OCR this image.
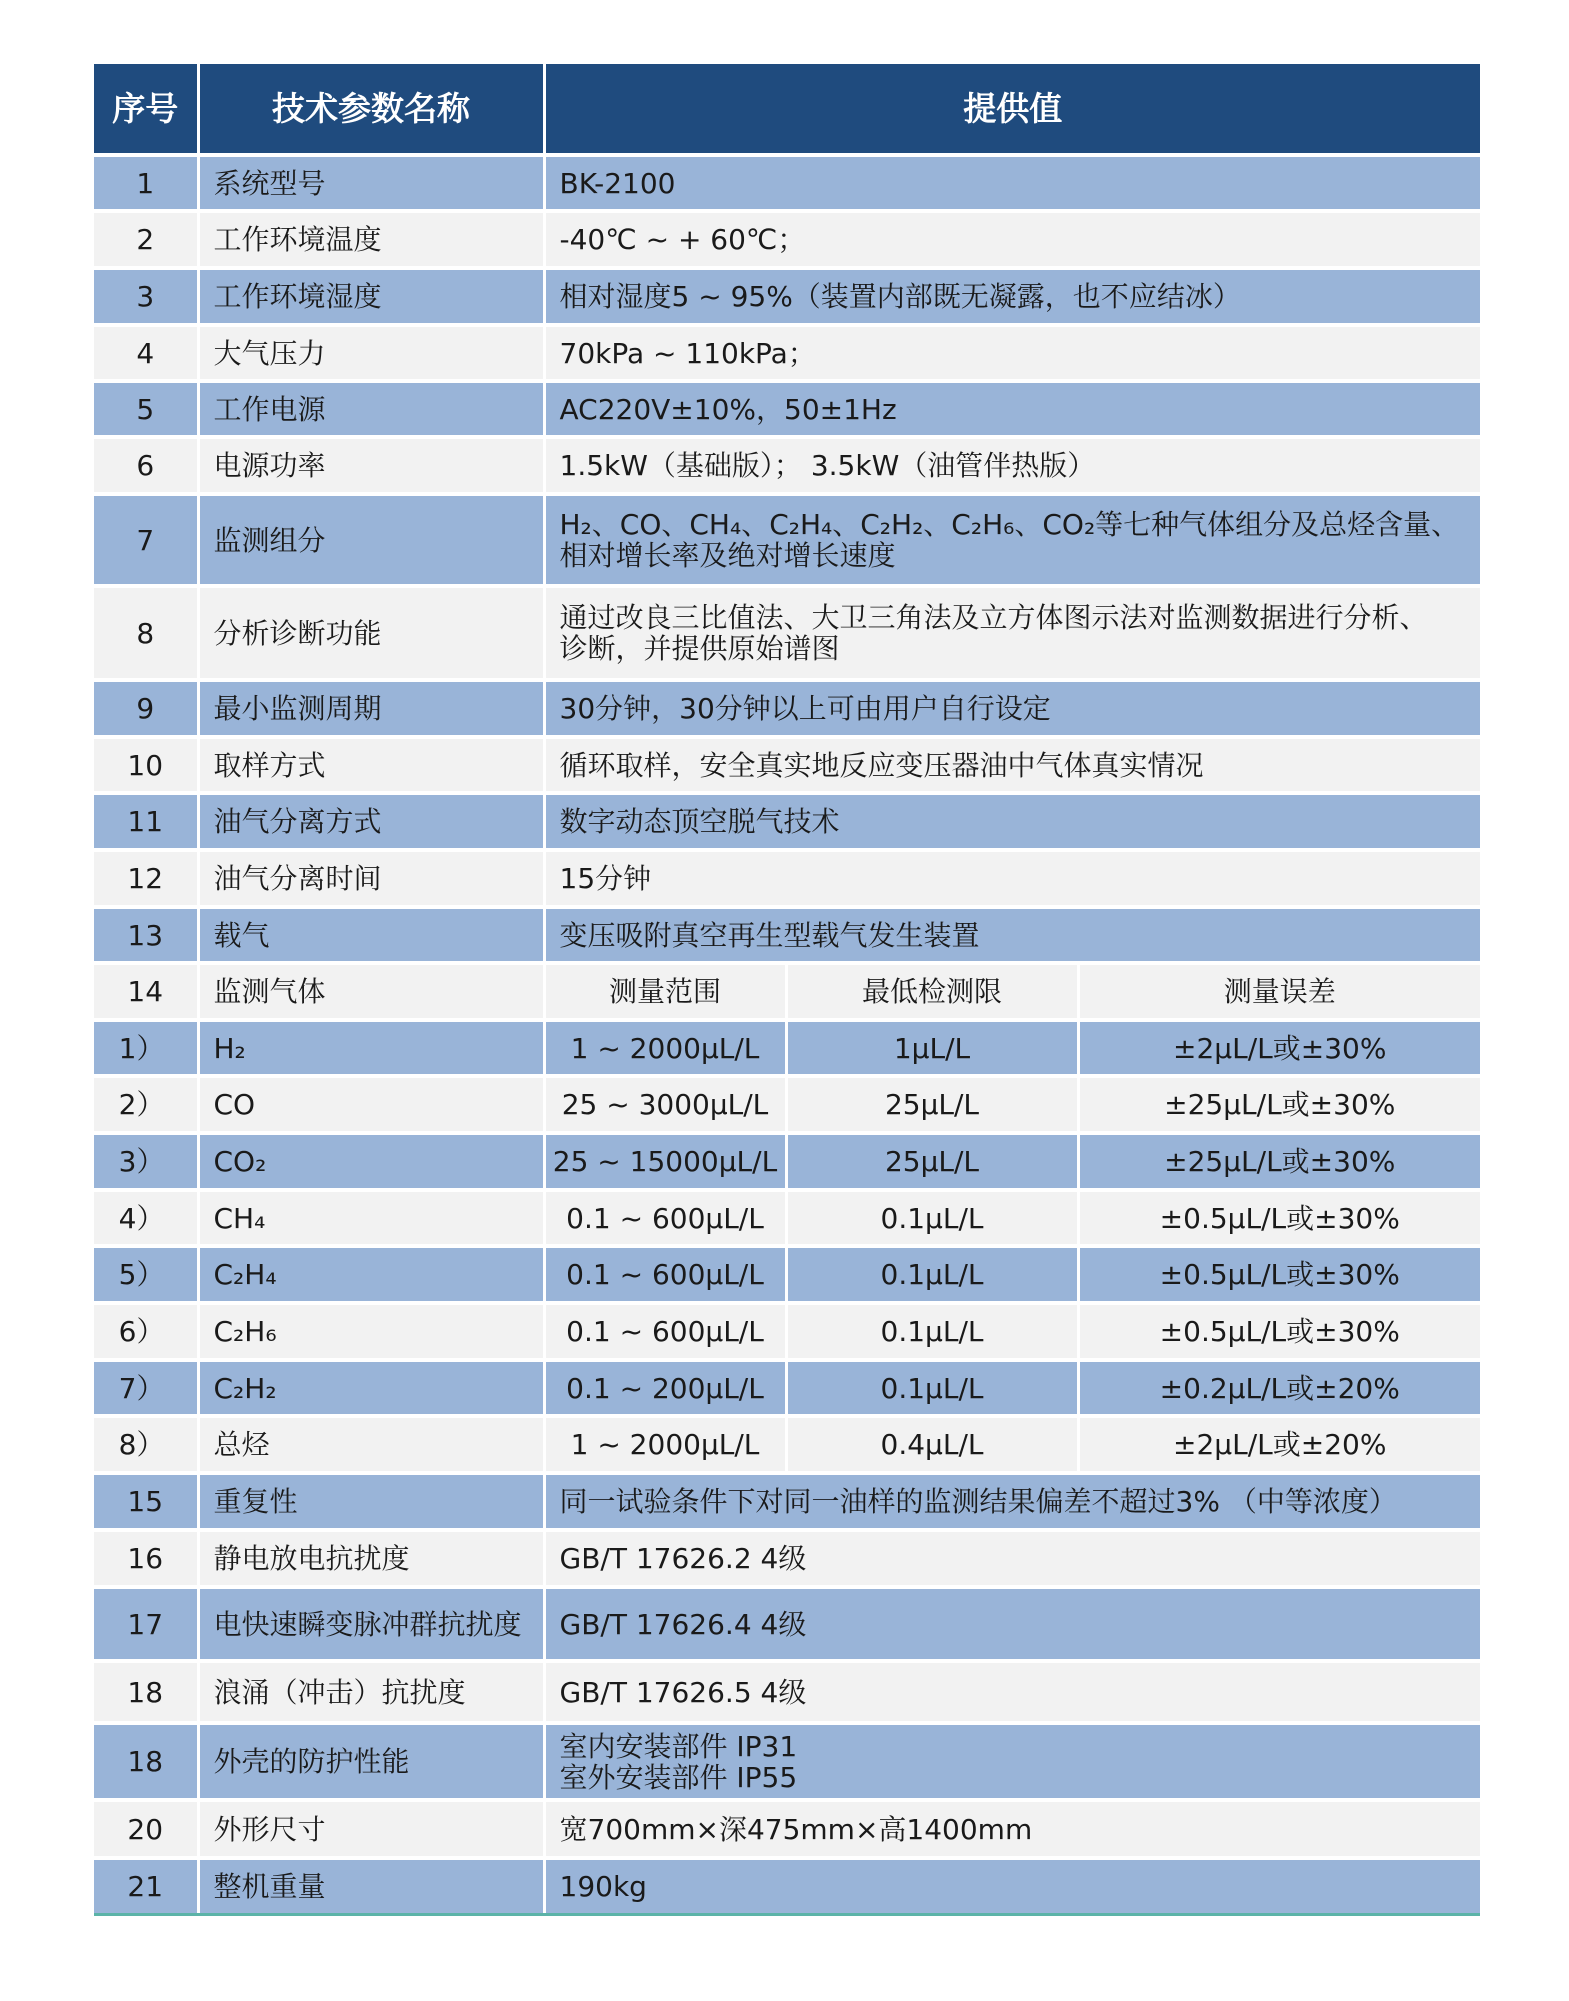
序号	技术参数名称	提供值		
1	系统型号	BK-2100		
2	工作环境温度	-40℃ ~ + 60℃；		
3	工作环境湿度	相对湿度5 ~ 95%（装置内部既无凝露，也不应结冰）		
4	大气压力	70kPa ~ 110kPa；		
5	工作电源	AC220V±10%，50±1Hz		
6	电源功率	1.5kW（基础版）； 3.5kW（油管伴热版）		
7	监测组分	H₂、CO、CH₄、C₂H₄、C₂H₂、C₂H₆、CO₂等七种气体组分及总烃含量、
相对增长率及绝对增长速度		

8	分析诊断功能	通过改良三比值法、大卫三角法及立方体图示法对监测数据进行分析、
诊断，并提供原始谱图		

9	最小监测周期	30分钟，30分钟以上可由用户自行设定		
10	取样方式	循环取样，安全真实地反应变压器油中气体真实情况		
11	油气分离方式	数字动态顶空脱气技术		
12	油气分离时间	15分钟		
13	载气	变压吸附真空再生型载气发生装置		
14	监测气体	测量范围	最低检测限	测量误差
1）	H₂	1 ~ 2000μL/L	1μL/L	±2μL/L或±30%
2）	CO	25 ~ 3000μL/L	25μL/L	±25μL/L或±30%
3）	CO₂	25 ~ 15000μL/L	25μL/L	±25μL/L或±30%
4）	CH₄	0.1 ~ 600μL/L	0.1μL/L	±0.5μL/L或±30%
5）	C₂H₄	0.1 ~ 600μL/L	0.1μL/L	±0.5μL/L或±30%
6）	C₂H₆	0.1 ~ 600μL/L	0.1μL/L	±0.5μL/L或±30%
7）	C₂H₂	0.1 ~ 200μL/L	0.1μL/L	±0.2μL/L或±20%
8）	总烃	1 ~ 2000μL/L	0.4μL/L	±2μL/L或±20%
15	重复性	同一试验条件下对同一油样的监测结果偏差不超过3% （中等浓度）		
16	静电放电抗扰度	GB/T 17626.2 4级		
17	电快速瞬变脉冲群抗扰度	GB/T 17626.4 4级		
18	浪涌（冲击）抗扰度	GB/T 17626.5 4级		
18	外壳的防护性能	室内安装部件 IP31
室外安装部件 IP55		

20	外形尺寸	宽700mm×深475mm×高1400mm		
21	整机重量	190kg		
